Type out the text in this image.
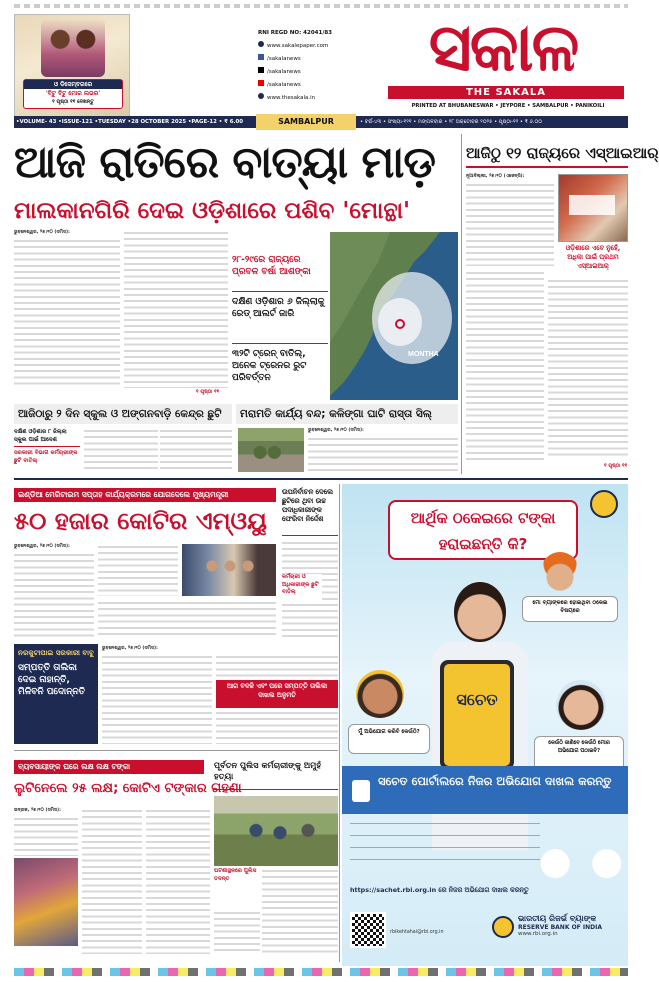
ଓ ଡିସେମ୍ବରରେ
'ବିଟୁ ବିଟୁ ମୋର ଲଭର'
୧ ପୃଷ୍ଠା ୧୧ ଦେଖନ୍ତୁ
RNI REGD NO: 42041/83
www.sakalepaper.com
/sakalanews
/sakalanews
/sakalanews
www.thesakala.in
ସକାଳ
THE SAKALA
PRINTED AT BHUBANESWAR • JEYPORE • SAMBALPUR • PANIKOILI
•VOLUME- 43 •ISSUE-121 •TUESDAY •28 OCTOBER 2025 •PAGE-12 • ₹ 6.00	SAMBALPUR	• ବର୍ଷ-୪୩ • ସଂଖ୍ୟା-୧୨୧ • ମଙ୍ଗଳବାର • ୨୮ ଅକ୍ଟୋବର ୨୦୨୫ • ପୃଷ୍ଠା-୧୨ • ₹ ୬.୦୦
ଆଜି ରାତିରେ ବାତ୍ୟା ମାଡ଼
ମାଲକାନଗିରି ଦେଇ ଓଡ଼ିଶାରେ ପଶିବ 'ମୋନ୍ଥା'
ଭୁବନେଶ୍ୱର, ୨୭।୧୦ (ସମିସ):
୧ ପୃଷ୍ଠା ୧୧
୨୮-୨୯ରେ ରାଜ୍ୟରେ ପ୍ରବଳ ବର୍ଷା ଆଶଙ୍କା
ଦକ୍ଷିଣ ଓଡ଼ିଶାର ୬ ଜିଲ୍ଲାକୁ ରେଡ୍ ଆଲର୍ଟ ଜାରି
୩୨ଟି ଟ୍ରେନ୍ ବାତିଲ୍, ଅନେକ ଟ୍ରେନର ରୁଟ ପରିବର୍ତ୍ତନ
MONTHA
ଆଜିଠୁ ୧୨ ରାଜ୍ୟରେ ଏସ୍ଆଇଆର୍
ନୂଆଦିଲ୍ଲୀ, ୨୭।୧୦ (ଏଜେନ୍ସି):
ଓଡ଼ିଶାରେ ଏବେ ନୁହେଁ, ଅଧିକା ପାଇଁ ପ୍ରଥମ ଏସ୍ଆଇଆର୍
୧ ପୃଷ୍ଠା ୧୧
ଆଜିଠାରୁ ୨ ଦିନ ସ୍କୁଲ ଓ ଅଙ୍ଗନବାଡ଼ି କେନ୍ଦ୍ର ଛୁଟି	ମରାମତି କାର୍ଯ୍ୟ ବନ୍ଦ; କଳିଙ୍ଗା ଘାଟି ରାସ୍ତା ସିଲ୍
ଦକ୍ଷିଣ ଓଡ଼ିଶାର ୮ ଜିଲ୍ଲା ସ୍କୁଲ ପାଇଁ ଆଦେଶ
ସରକାରୀ ବିଭାଗ କର୍ମଚାରୀଙ୍କ ଛୁଟି ବାତିଲ୍
ଭୁବନେଶ୍ୱର, ୨୭।୧୦ (ସମିସ):
ଇଣ୍ଡିଆ ମେରିଟାଇମ ସପ୍ତାହ କାର୍ଯ୍ୟକ୍ରମରେ ଯୋଗଦେଲେ ମୁଖ୍ୟମନ୍ତ୍ରୀ
୫୦ ହଜାର କୋଟିର ଏମ୍ଓୟୁ
ଭୁବନେଶ୍ୱର, ୨୭।୧୦ (ସମିସ):
ଉପନିର୍ବାଚନ ଦେଲେ ଛୁଟିରେ ଥିବା ଉଚ୍ଚ ପଦାଧିକାରୀଙ୍କ ଫେରିବା ନିର୍ଦ୍ଦେଶ
କର୍ମଚାରୀ ଓ ଅଧିକାରୀଙ୍କ ଛୁଟି ବାତିଲ୍
ନରକୁଟାପାଇ ସରକାରୀ ବାବୁ
ସମ୍ପତ୍ତି ତାଲିକା ଦେଇ ନାହାନ୍ତି, ମିଳିବନି ପଦୋନ୍ନତି
ଭୁବନେଶ୍ୱର, ୨୭।୧୦ (ସମିସ):
ଆଗ ବଦଳି ଏବଂ ପରେ ସମ୍ପତ୍ତି ତାଲିକା ଦାଖଲ ଅନୁମତି
ବ୍ୟବସାୟୀଙ୍କ ଘରେ ଲକ୍ଷ ଲକ୍ଷ ଟଙ୍କା
ଲୁଟିନେଲେ ୨୫ ଲକ୍ଷ; କୋଟିଏ ଟଙ୍କାର ଗହଣା
ଭଦ୍ରକ, ୨୭।୧୦ (ସମିସ):
ପୂର୍ବତନ ପୁଲିସ କର୍ମଚାରୀଙ୍କୁ ଅମୁହଁ ହତ୍ୟା
ଘଟଣାସ୍ଥଳରେ ପୁଲିସ ତଦନ୍ତ
ଆର୍ଥିକ ଠକେଇରେ ଟଙ୍କା ହରାଇଛନ୍ତି କି?
ମୋ ବ୍ୟାଙ୍କରେ ହୋଇଥିବା ଠକେଇ ବିଷୟରେ
ସଚେତ
ମୁଁ ଅଭିଯୋଗ କରିବି କେଉଁଠି?
କେଉଁଠି ଜାଣିବେ କେଉଁଠି ମୋର ଅଭିଯୋଗ ପଠାଇବି?
ସଚେତ ପୋର୍ଟାଲରେ ନିଜର ଅଭିଯୋଗ ଦାଖଲ କରନ୍ତୁ
https://sachet.rbi.org.in ରେ ନିଜର ଅଭିଯୋଗ ଦାଖଲ କରନ୍ତୁ
rbikehtahai@rbi.org.in
ଭାରତୀୟ ରିଜର୍ଭ ବ୍ୟାଙ୍କ
RESERVE BANK OF INDIA
www.rbi.org.in
